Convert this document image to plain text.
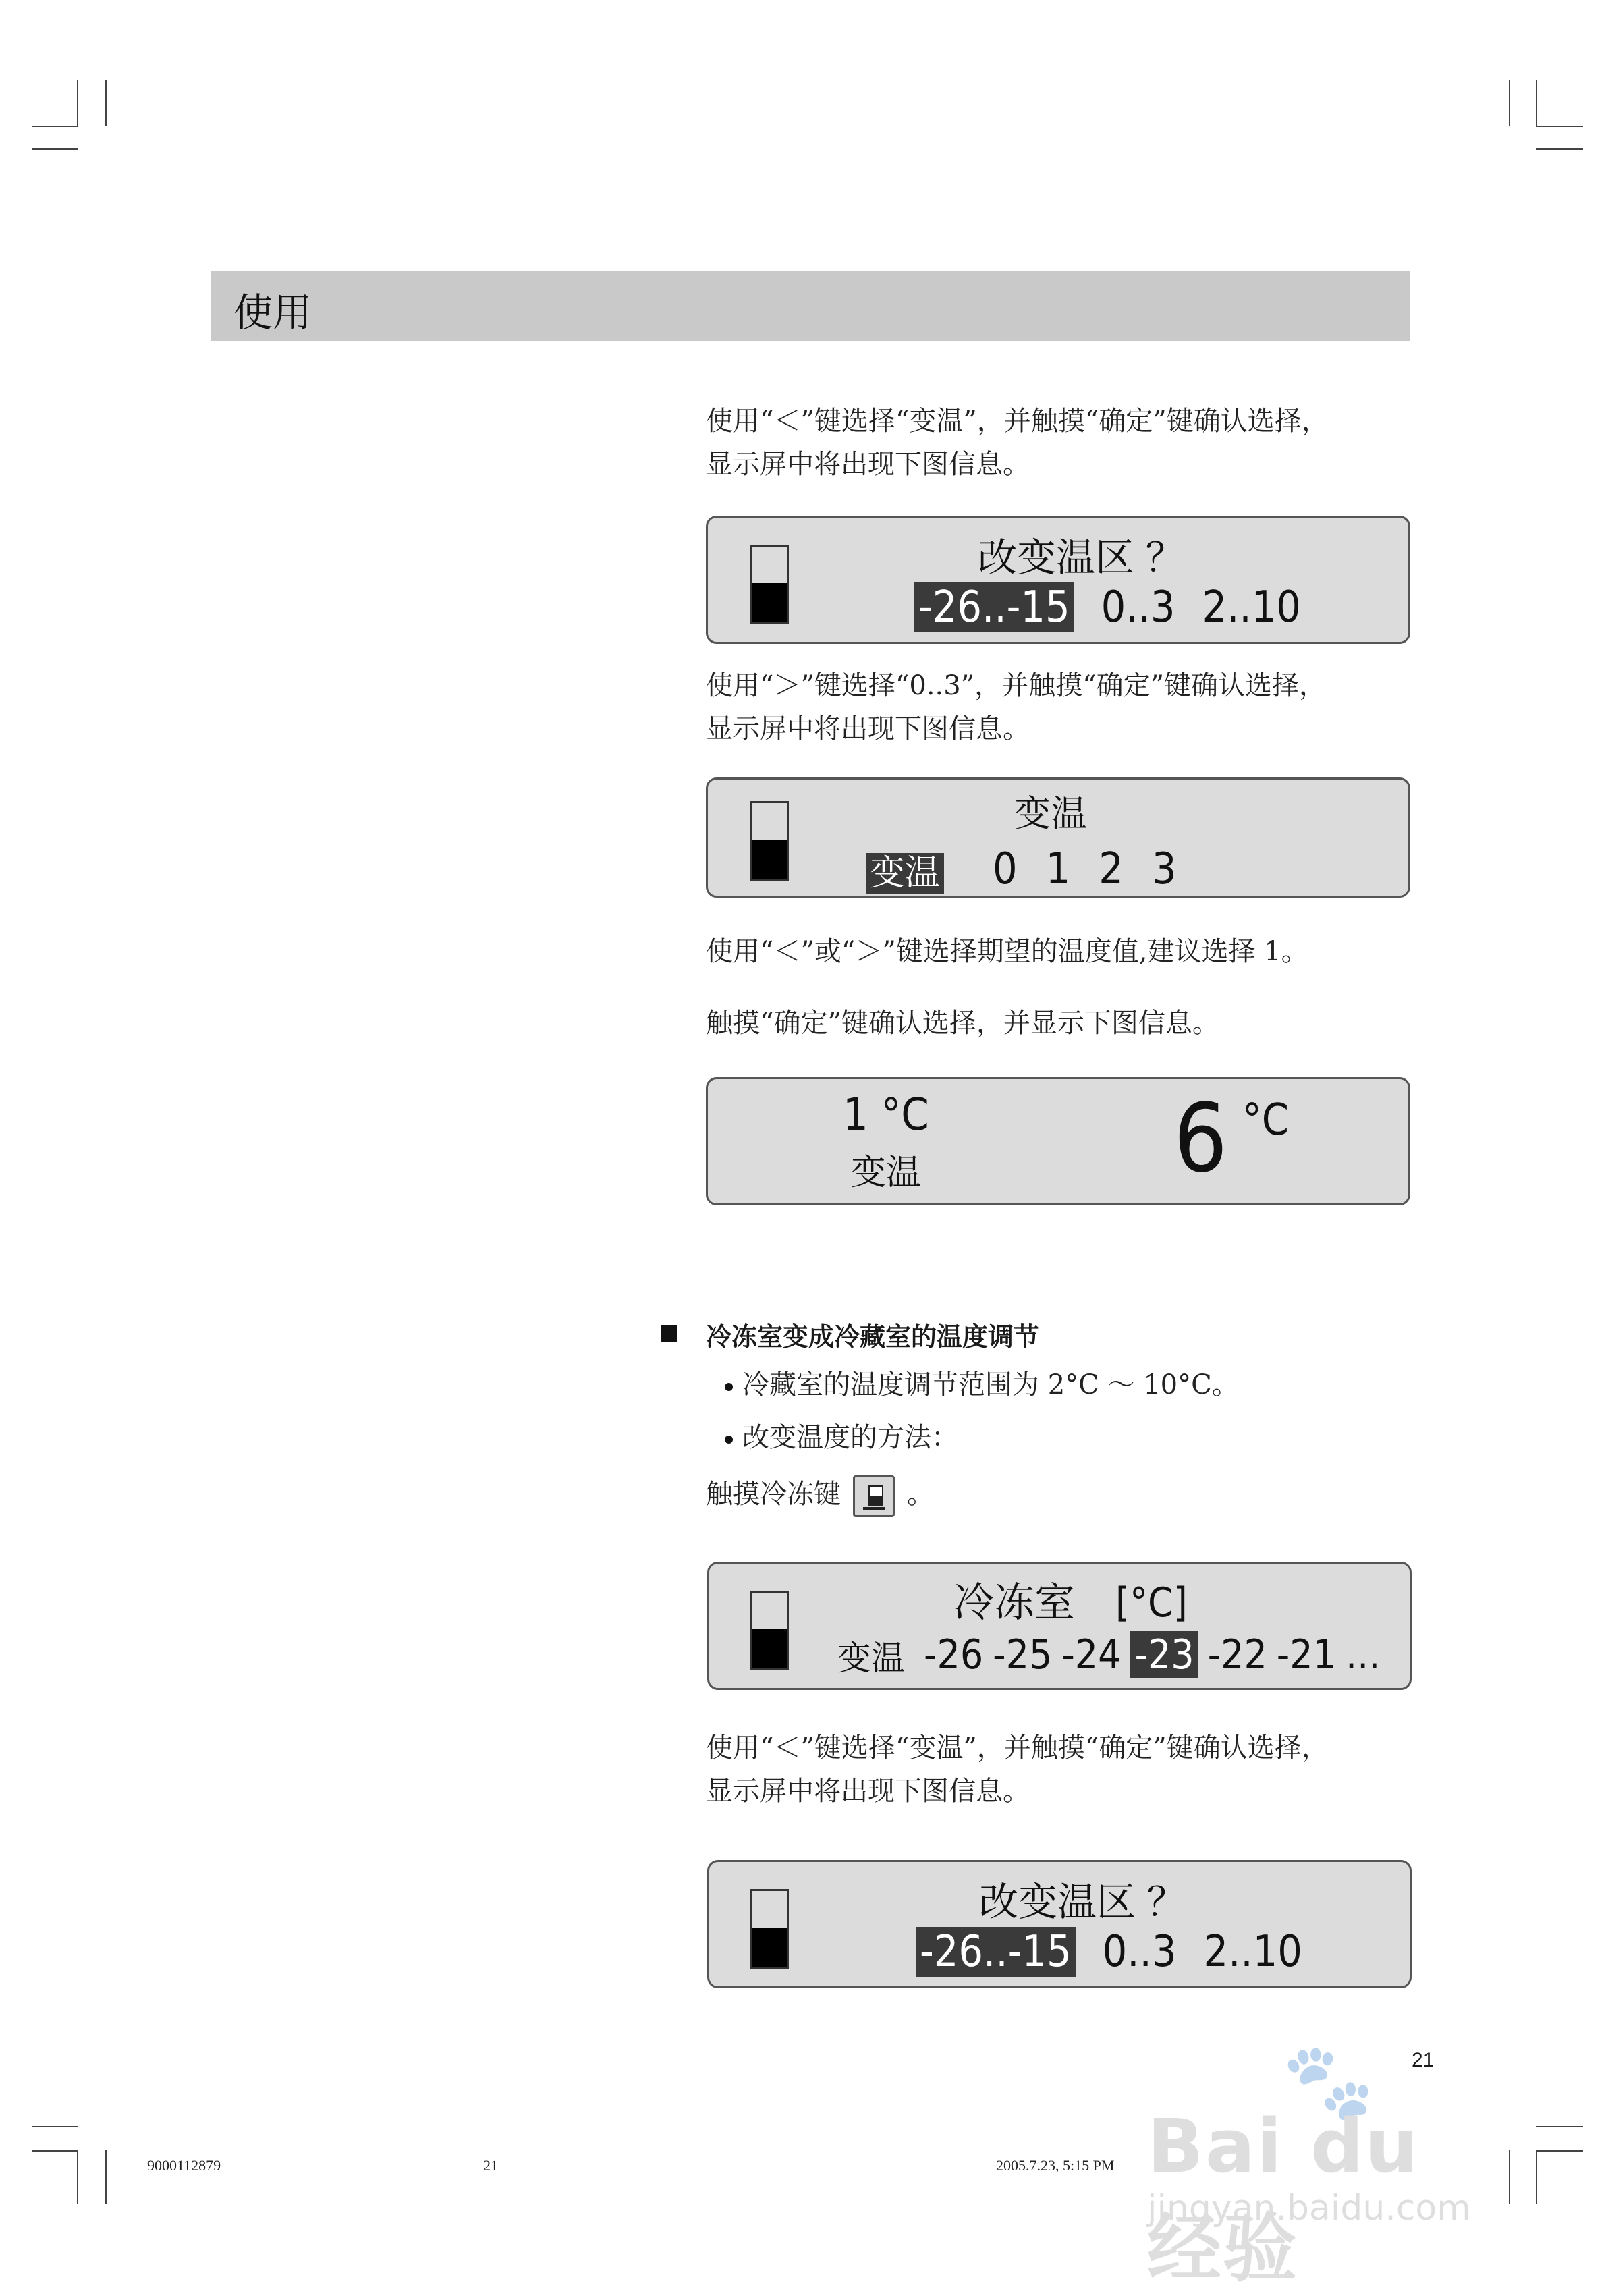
使用
使用“＜”键选择“变温”，并触摸“确定”键确认选择，
显示屏中将出现下图信息。
改变温区 ？
-26..-15 0..3 2..10
使用“＞”键选择“0..3”，并触摸“确定”键确认选择，
显示屏中将出现下图信息。
变温
变温 0 1 2 3
使用“＜”或“＞”键选择期望的温度值,建议选择 1。
触摸“确定”键确认选择，并显示下图信息。
1 °C
变温	6 °C
冷冻室变成冷藏室的温度调节
冷藏室的温度调节范围为 2°C ～ 10°C。
改变温度的方法：
触摸冷冻键 。
冷冻室 [°C]
变温 -26 -25 -24 -23 -22 -21 ...
使用“＜”键选择“变温”，并触摸“确定”键确认选择，
显示屏中将出现下图信息。
改变温区 ？
-26..-15 0..3 2..10
21
9000112879	21	2005.7.23, 5:15 PM
🐾
Bai du 经验
jingyan.baidu.com
